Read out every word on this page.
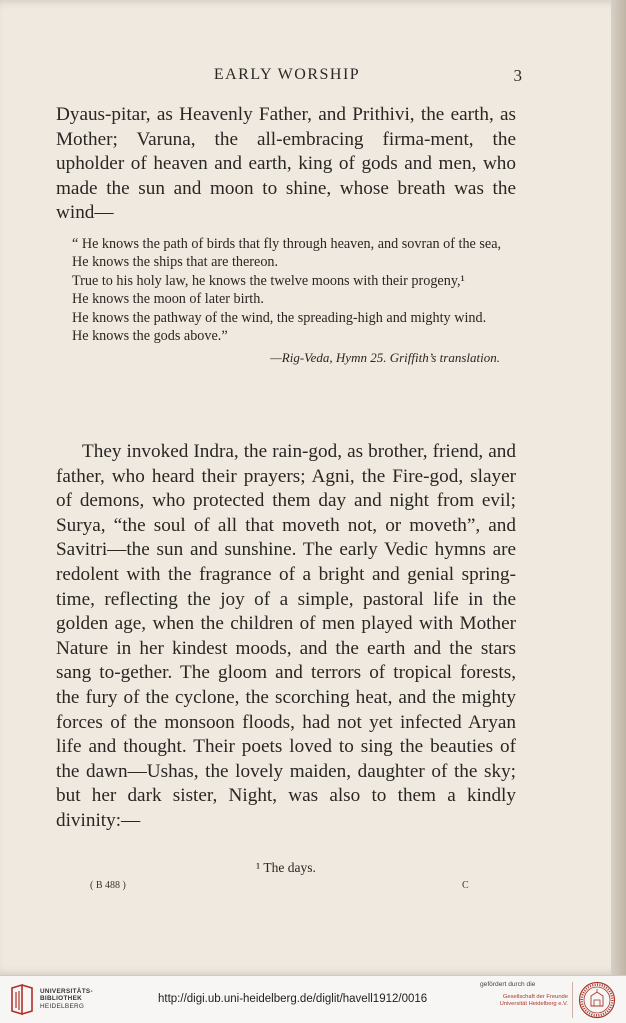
EARLY WORSHIP	3
Dyaus-pitar, as Heavenly Father, and Prithivi, the earth, as Mother; Varuna, the all-embracing firma-ment, the upholder of heaven and earth, king of gods and men, who made the sun and moon to shine, whose breath was the wind—
“ He knows the path of birds that fly through heaven, and sovran of the sea,
He knows the ships that are thereon.
True to his holy law, he knows the twelve moons with their progeny,¹
He knows the moon of later birth.
He knows the pathway of the wind, the spreading-high and mighty wind.
He knows the gods above.”
—Rig-Veda, Hymn 25. Griffith’s translation.
They invoked Indra, the rain-god, as brother, friend, and father, who heard their prayers; Agni, the Fire-god, slayer of demons, who protected them day and night from evil; Surya, “the soul of all that moveth not, or moveth”, and Savitri—the sun and sunshine. The early Vedic hymns are redolent with the fragrance of a bright and genial spring-time, reflecting the joy of a simple, pastoral life in the golden age, when the children of men played with Mother Nature in her kindest moods, and the earth and the stars sang to-gether. The gloom and terrors of tropical forests, the fury of the cyclone, the scorching heat, and the mighty forces of the monsoon floods, had not yet infected Aryan life and thought. Their poets loved to sing the beauties of the dawn—Ushas, the lovely maiden, daughter of the sky; but her dark sister, Night, was also to them a kindly divinity:—
¹ The days.
( B 488 )	C
UNIVERSITÄTS-
BIBLIOTHEK
HEIDELBERG
http://digi.ub.uni-heidelberg.de/diglit/havell1912/0016
gefördert durch die
Gesellschaft der Freunde
Universität Heidelberg e.V.
